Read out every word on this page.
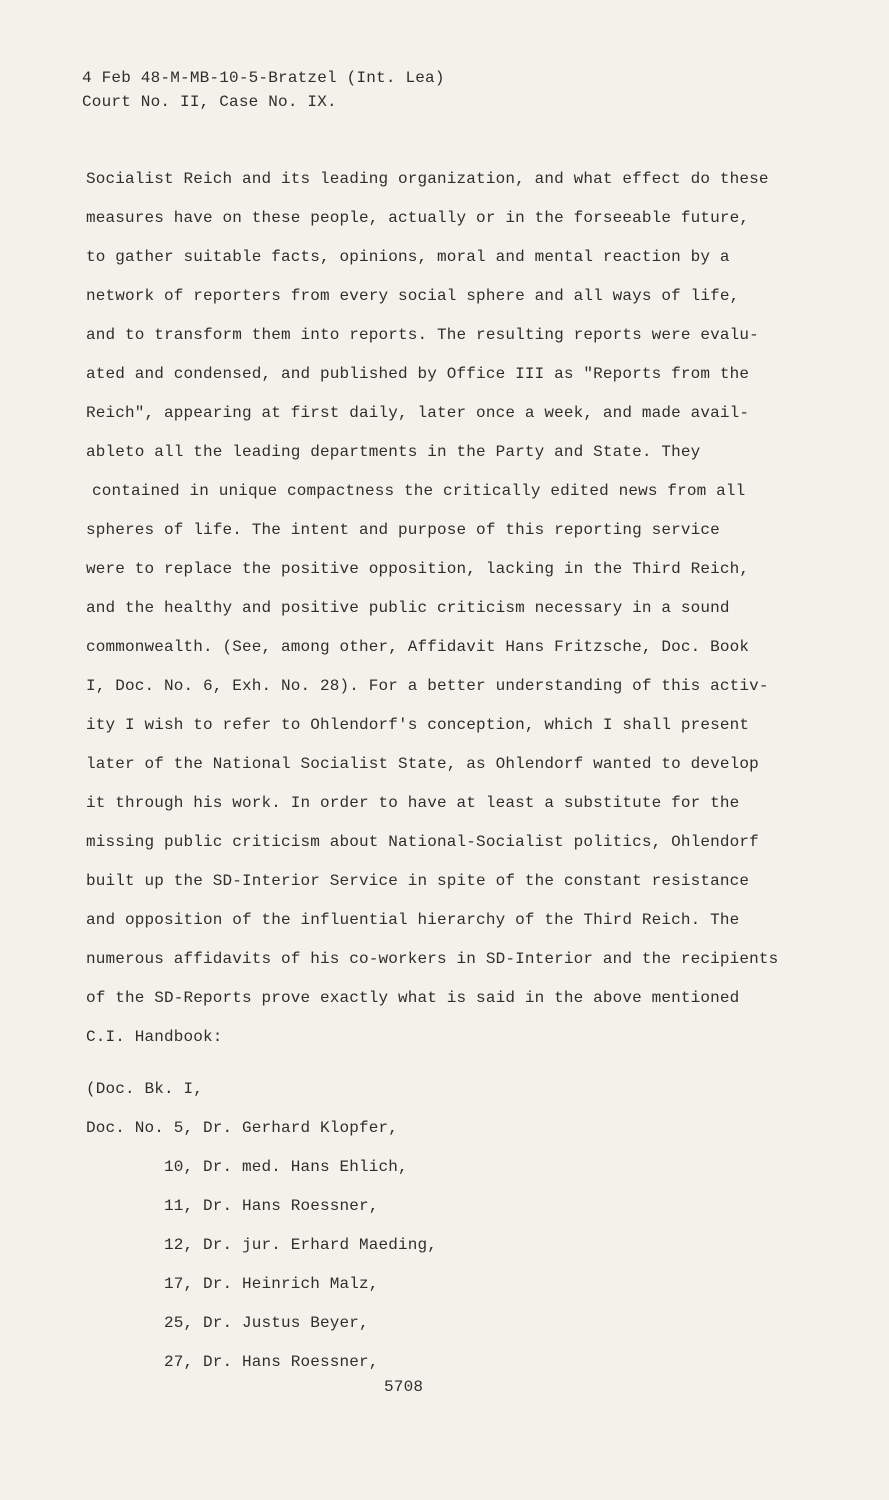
4 Feb 48-M-MB-10-5-Bratzel (Int. Lea)
Court No. II, Case No. IX.
Socialist Reich and its leading organization, and what effect do these
measures have on these people, actually or in the forseeable future,
to gather suitable facts, opinions, moral and mental reaction by a
network of reporters from every social sphere and all ways of life,
and to transform them into reports. The resulting reports were evalu-
ated and condensed, and published by Office III as "Reports from the
Reich", appearing at first daily, later once a week, and made avail-
ableto all the leading departments in the Party and State. They
contained in unique compactness the critically edited news from all
spheres of life. The intent and purpose of this reporting service
were to replace the positive opposition, lacking in the Third Reich,
and the healthy and positive public criticism necessary in a sound
commonwealth. (See, among other, Affidavit Hans Fritzsche, Doc. Book
I, Doc. No. 6, Exh. No. 28). For a better understanding of this activ-
ity I wish to refer to Ohlendorf's conception, which I shall present
later of the National Socialist State, as Ohlendorf wanted to develop
it through his work. In order to have at least a substitute for the
missing public criticism about National-Socialist politics, Ohlendorf
built up the SD-Interior Service in spite of the constant resistance
and opposition of the influential hierarchy of the Third Reich. The
numerous affidavits of his co-workers in SD-Interior and the recipients
of the SD-Reports prove exactly what is said in the above mentioned
C.I. Handbook:
(Doc. Bk. I,
Doc. No. 5, Dr. Gerhard Klopfer,
10, Dr. med. Hans Ehlich,
11, Dr. Hans Roessner,
12, Dr. jur. Erhard Maeding,
17, Dr. Heinrich Malz,
25, Dr. Justus Beyer,
27, Dr. Hans Roessner,
5708
